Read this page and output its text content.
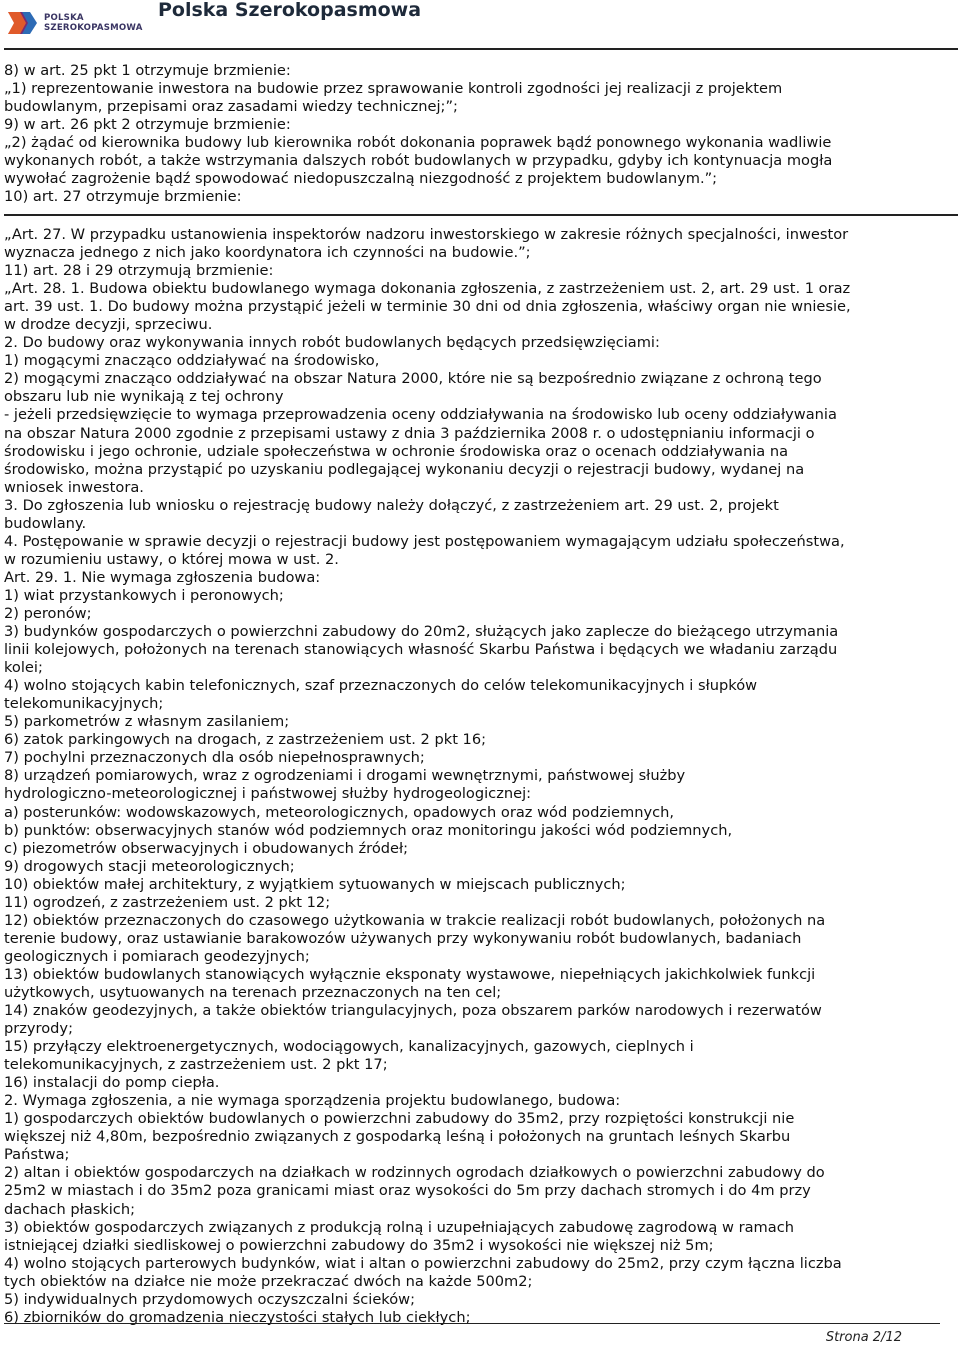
POLSKA
SZEROKOPASMOWA
Polska Szerokopasmowa

8) w art. 25 pkt 1 otrzymuje brzmienie:

„1) reprezentowanie inwestora na budowie przez sprawowanie kontroli zgodności jej realizacji z projektem

budowlanym, przepisami oraz zasadami wiedzy technicznej;”;

9) w art. 26 pkt 2 otrzymuje brzmienie:

„2) żądać od kierownika budowy lub kierownika robót dokonania poprawek bądź ponownego wykonania wadliwie

wykonanych robót, a także wstrzymania dalszych robót budowlanych w przypadku, gdyby ich kontynuacja mogła

wywołać zagrożenie bądź spowodować niedopuszczalną niezgodność z projektem budowlanym.”;

10) art. 27 otrzymuje brzmienie:

„Art. 27. W przypadku ustanowienia inspektorów nadzoru inwestorskiego w zakresie różnych specjalności, inwestor

wyznacza jednego z nich jako koordynatora ich czynności na budowie.”;

11) art. 28 i 29 otrzymują brzmienie:

„Art. 28. 1. Budowa obiektu budowlanego wymaga dokonania zgłoszenia, z zastrzeżeniem ust. 2, art. 29 ust. 1 oraz

art. 39 ust. 1. Do budowy można przystąpić jeżeli w terminie 30 dni od dnia zgłoszenia, właściwy organ nie wniesie,

w drodze decyzji, sprzeciwu.

2. Do budowy oraz wykonywania innych robót budowlanych będących przedsięwzięciami:

1) mogącymi znacząco oddziaływać na środowisko,

2) mogącymi znacząco oddziaływać na obszar Natura 2000, które nie są bezpośrednio związane z ochroną tego

obszaru lub nie wynikają z tej ochrony

- jeżeli przedsięwzięcie to wymaga przeprowadzenia oceny oddziaływania na środowisko lub oceny oddziaływania

na obszar Natura 2000 zgodnie z przepisami ustawy z dnia 3 października 2008 r. o udostępnianiu informacji o

środowisku i jego ochronie, udziale społeczeństwa w ochronie środowiska oraz o ocenach oddziaływania na

środowisko, można przystąpić po uzyskaniu podlegającej wykonaniu decyzji o rejestracji budowy, wydanej na

wniosek inwestora.

3. Do zgłoszenia lub wniosku o rejestrację budowy należy dołączyć, z zastrzeżeniem art. 29 ust. 2, projekt

budowlany.

4. Postępowanie w sprawie decyzji o rejestracji budowy jest postępowaniem wymagającym udziału społeczeństwa,

w rozumieniu ustawy, o której mowa w ust. 2.

Art. 29. 1. Nie wymaga zgłoszenia budowa:

1) wiat przystankowych i peronowych;

2) peronów;

3) budynków gospodarczych o powierzchni zabudowy do 20m2, służących jako zaplecze do bieżącego utrzymania

linii kolejowych, położonych na terenach stanowiących własność Skarbu Państwa i będących we władaniu zarządu

kolei;

4) wolno stojących kabin telefonicznych, szaf przeznaczonych do celów telekomunikacyjnych i słupków

telekomunikacyjnych;

5) parkometrów z własnym zasilaniem;

6) zatok parkingowych na drogach, z zastrzeżeniem ust. 2 pkt 16;

7) pochylni przeznaczonych dla osób niepełnosprawnych;

8) urządzeń pomiarowych, wraz z ogrodzeniami i drogami wewnętrznymi, państwowej służby

hydrologiczno-meteorologicznej i państwowej służby hydrogeologicznej:

a) posterunków: wodowskazowych, meteorologicznych, opadowych oraz wód podziemnych,

b) punktów: obserwacyjnych stanów wód podziemnych oraz monitoringu jakości wód podziemnych,

c) piezometrów obserwacyjnych i obudowanych źródeł;

9) drogowych stacji meteorologicznych;

10) obiektów małej architektury, z wyjątkiem sytuowanych w miejscach publicznych;

11) ogrodzeń, z zastrzeżeniem ust. 2 pkt 12;

12) obiektów przeznaczonych do czasowego użytkowania w trakcie realizacji robót budowlanych, położonych na

terenie budowy, oraz ustawianie barakowozów używanych przy wykonywaniu robót budowlanych, badaniach

geologicznych i pomiarach geodezyjnych;

13) obiektów budowlanych stanowiących wyłącznie eksponaty wystawowe, niepełniących jakichkolwiek funkcji

użytkowych, usytuowanych na terenach przeznaczonych na ten cel;

14) znaków geodezyjnych, a także obiektów triangulacyjnych, poza obszarem parków narodowych i rezerwatów

przyrody;

15) przyłączy elektroenergetycznych, wodociągowych, kanalizacyjnych, gazowych, cieplnych i

telekomunikacyjnych, z zastrzeżeniem ust. 2 pkt 17;

16) instalacji do pomp ciepła.

2. Wymaga zgłoszenia, a nie wymaga sporządzenia projektu budowlanego, budowa:

1) gospodarczych obiektów budowlanych o powierzchni zabudowy do 35m2, przy rozpiętości konstrukcji nie

większej niż 4,80m, bezpośrednio związanych z gospodarką leśną i położonych na gruntach leśnych Skarbu

Państwa;

2) altan i obiektów gospodarczych na działkach w rodzinnych ogrodach działkowych o powierzchni zabudowy do

25m2 w miastach i do 35m2 poza granicami miast oraz wysokości do 5m przy dachach stromych i do 4m przy

dachach płaskich;

3) obiektów gospodarczych związanych z produkcją rolną i uzupełniających zabudowę zagrodową w ramach

istniejącej działki siedliskowej o powierzchni zabudowy do 35m2 i wysokości nie większej niż 5m;

4) wolno stojących parterowych budynków, wiat i altan o powierzchni zabudowy do 25m2, przy czym łączna liczba

tych obiektów na działce nie może przekraczać dwóch na każde 500m2;

5) indywidualnych przydomowych oczyszczalni ścieków;

6) zbiorników do gromadzenia nieczystości stałych lub ciekłych;

Strona 2/12
